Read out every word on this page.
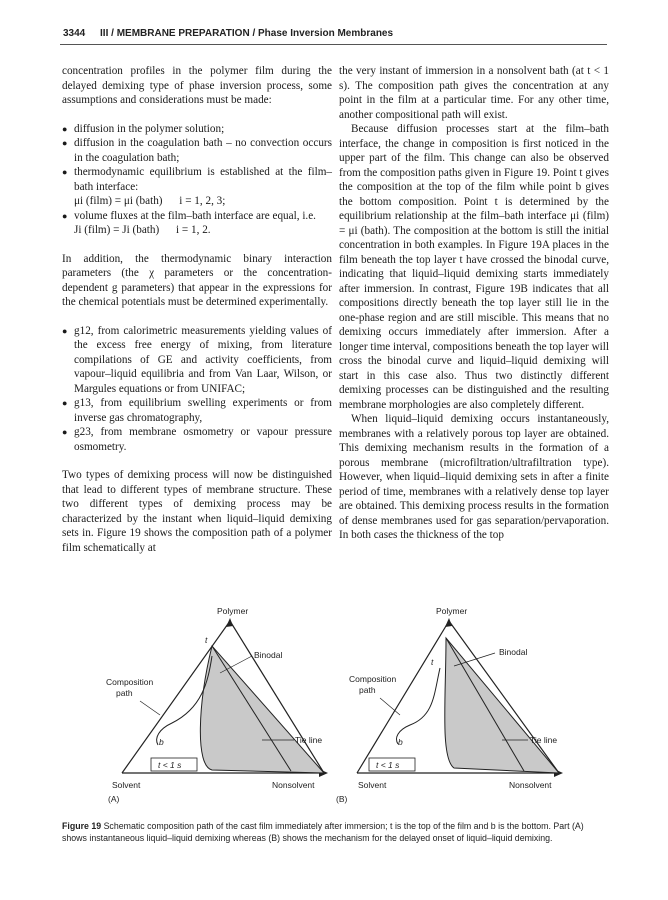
3344 III / MEMBRANE PREPARATION / Phase Inversion Membranes

concentration profiles in the polymer film during the delayed demixing type of phase inversion process, some assumptions and considerations must be made:

● diffusion in the polymer solution;

● diffusion in the coagulation bath – no convection occurs in the coagulation bath;

● thermodynamic equilibrium is established at the film–bath interface:

μi (film) = μi (bath)      i = 1, 2, 3;

● volume fluxes at the film–bath interface are equal, i.e.

Ji (film) = Ji (bath)      i = 1, 2.

In addition, the thermodynamic binary interaction parameters (the χ parameters or the concentration-dependent g parameters) that appear in the expressions for the chemical potentials must be determined experimentally.

● g12, from calorimetric measurements yielding values of the excess free energy of mixing, from literature compilations of GE and activity coefficients, from vapour–liquid equilibria and from Van Laar, Wilson, or Margules equations or from UNIFAC;

● g13, from equilibrium swelling experiments or from inverse gas chromatography,

● g23, from membrane osmometry or vapour pressure osmometry.

Two types of demixing process will now be distinguished that lead to different types of membrane structure. These two different types of demixing process may be characterized by the instant when liquid–liquid demixing sets in. Figure 19 shows the composition path of a polymer film schematically at

the very instant of immersion in a nonsolvent bath (at t < 1 s). The composition path gives the concentration at any point in the film at a particular time. For any other time, another compositional path will exist.

Because diffusion processes start at the film–bath interface, the change in composition is first noticed in the upper part of the film. This change can also be observed from the composition paths given in Figure 19. Point t gives the composition at the top of the film while point b gives the bottom composition. Point t is determined by the equilibrium relationship at the film–bath interface μi (film) = μi (bath). The composition at the bottom is still the initial concentration in both examples. In Figure 19A places in the film beneath the top layer t have crossed the binodal curve, indicating that liquid–liquid demixing starts immediately after immersion. In contrast, Figure 19B indicates that all compositions directly beneath the top layer still lie in the one-phase region and are still miscible. This means that no demixing occurs immediately after immersion. After a longer time interval, compositions beneath the top layer will cross the binodal curve and liquid–liquid demixing will start in this case also. Thus two distinctly different demixing processes can be distinguished and the resulting membrane morphologies are also completely different.

When liquid–liquid demixing occurs instantaneously, membranes with a relatively porous top layer are obtained. This demixing mechanism results in the formation of a porous membrane (microfiltration/ultrafiltration type). However, when liquid–liquid demixing sets in after a finite period of time, membranes with a relatively dense top layer are obtained. This demixing process results in the formation of dense membranes used for gas separation/pervaporation. In both cases the thickness of the top

Polymer
Binodal
Composition
path
t
b	Tie line
t < 1 s
Solvent	Nonsolvent
(A)
Polymer
Binodal
Composition
path
t
b	Tie line
t < 1 s
Solvent	Nonsolvent
(B)
Figure 19 Schematic composition path of the cast film immediately after immersion; t is the top of the film and b is the bottom. Part (A) shows instantaneous liquid–liquid demixing whereas (B) shows the mechanism for the delayed onset of liquid–liquid demixing.
